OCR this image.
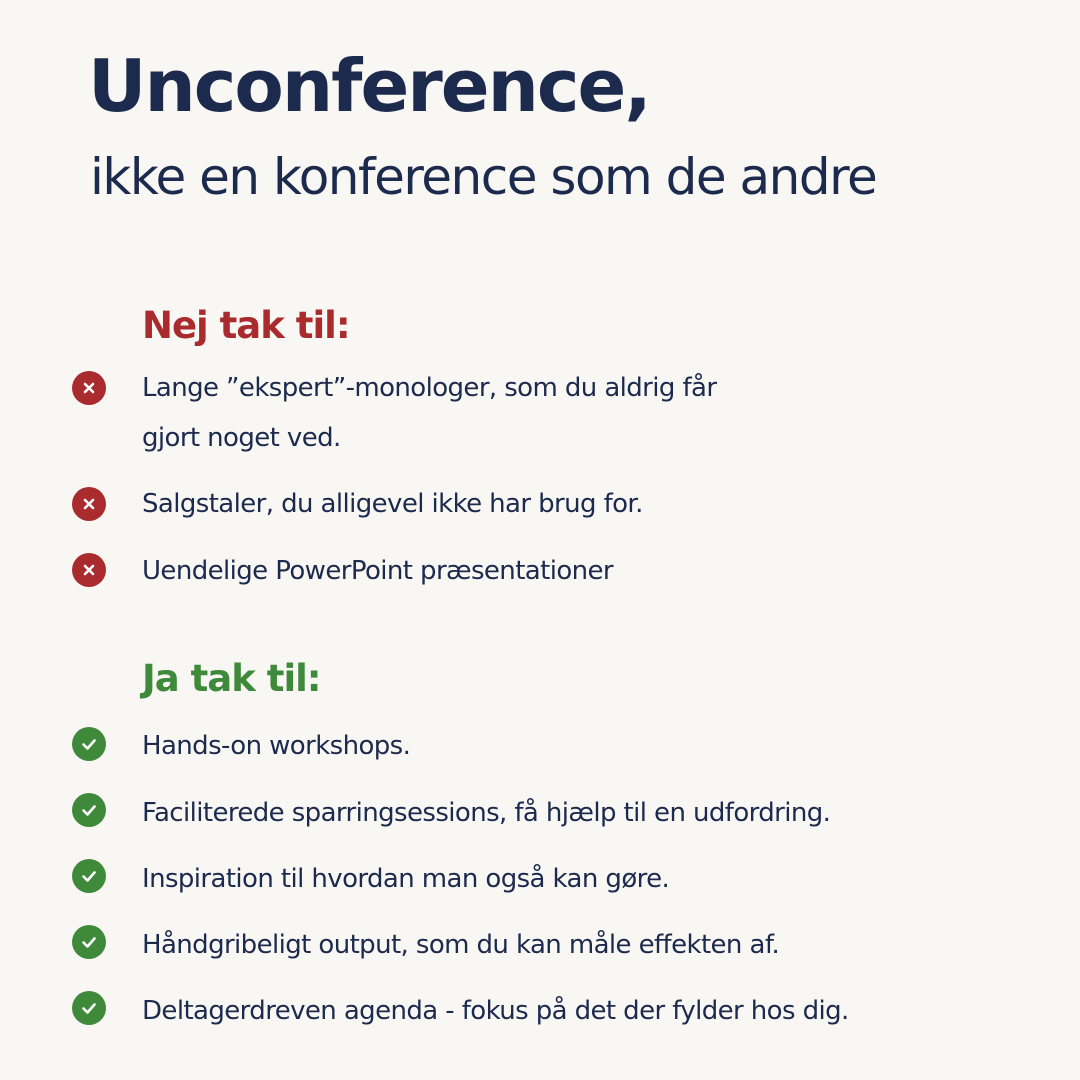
Unconference,
ikke en konference som de andre
Nej tak til:

Lange ”ekspert”-monologer, som du aldrig får
gjort noget ved.

Salgstaler, du alligevel ikke har brug for.

Uendelige PowerPoint præsentationer

Ja tak til:

Hands-on workshops.

Faciliterede sparringsessions, få hjælp til en udfordring.

Inspiration til hvordan man også kan gøre.

Håndgribeligt output, som du kan måle effekten af.

Deltagerdreven agenda - fokus på det der fylder hos dig.
